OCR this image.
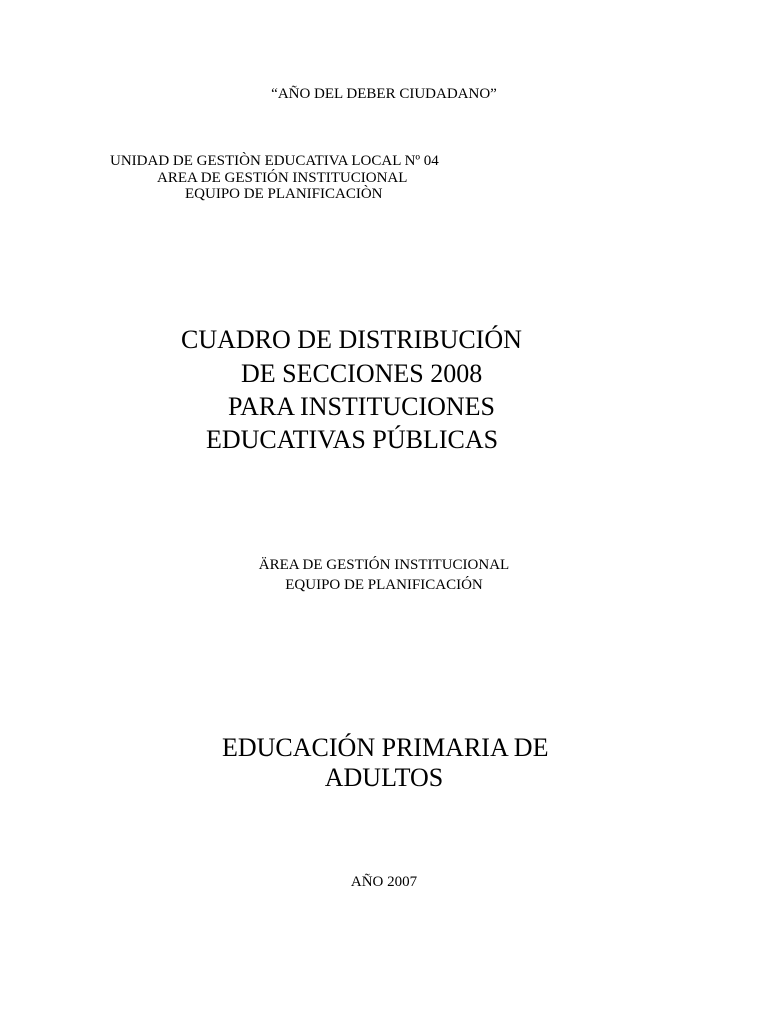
“AÑO DEL DEBER CIUDADANO”
UNIDAD DE GESTIÒN EDUCATIVA LOCAL Nº 04
AREA DE GESTIÓN INSTITUCIONAL
EQUIPO DE PLANIFICACIÒN
CUADRO DE DISTRIBUCIÓN
DE SECCIONES 2008
PARA INSTITUCIONES
EDUCATIVAS PÚBLICAS
ÄREA DE GESTIÓN INSTITUCIONAL
EQUIPO DE PLANIFICACIÓN
EDUCACIÓN PRIMARIA DE
ADULTOS
AÑO 2007
